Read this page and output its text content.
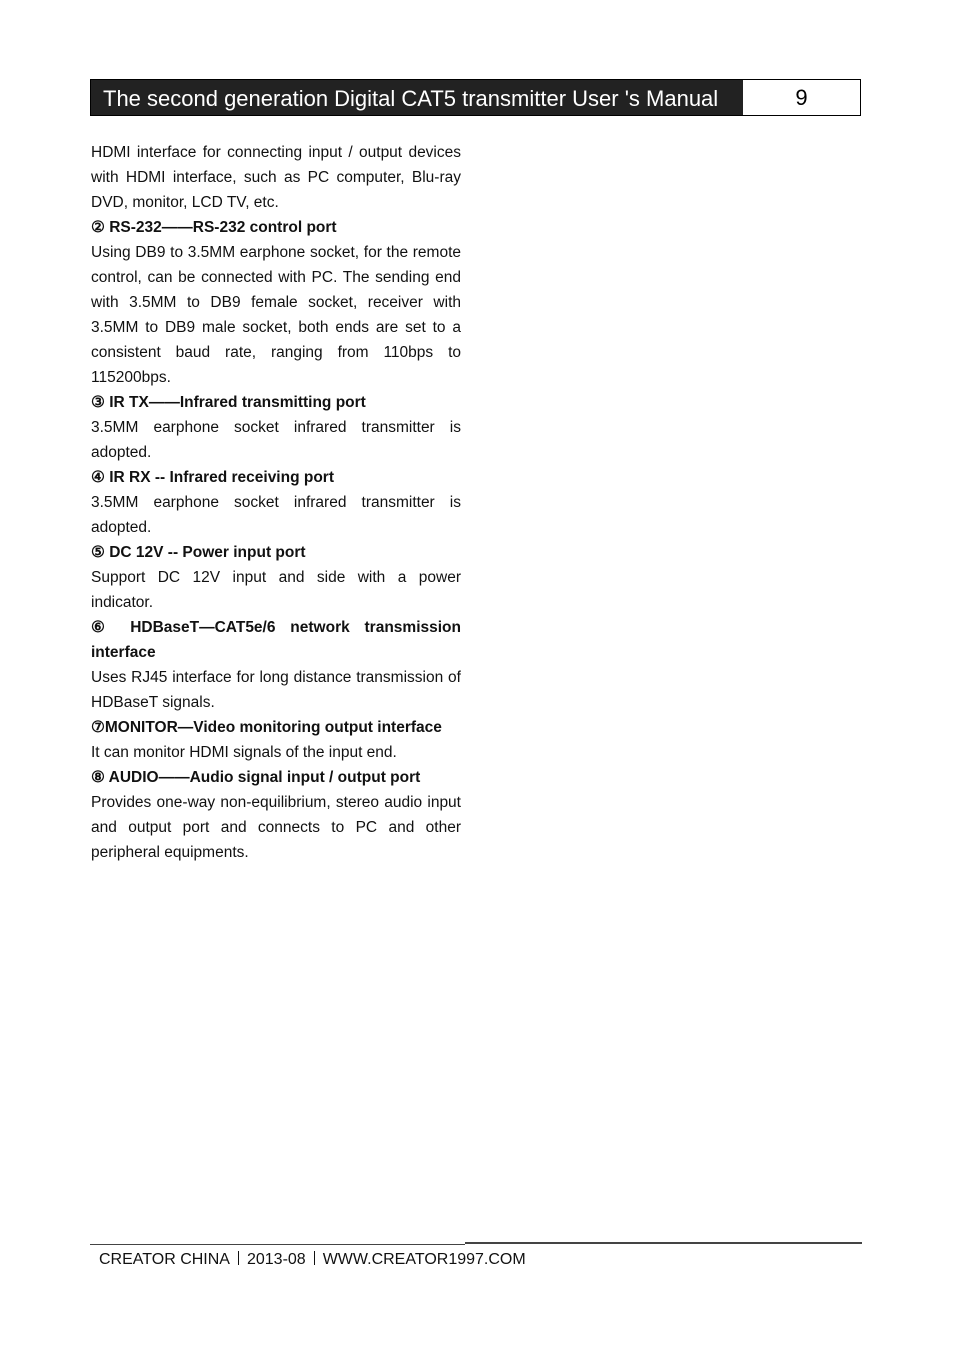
The second generation Digital CAT5 transmitter User 's Manual	9

HDMI interface for connecting input / output devices with HDMI interface, such as PC computer, Blu-ray DVD, monitor, LCD TV, etc.

② RS-232——RS-232 control port

Using DB9 to 3.5MM earphone socket, for the remote control, can be connected with PC. The sending end with 3.5MM to DB9 female socket, receiver with 3.5MM to DB9 male socket, both ends are set to a consistent baud rate, ranging from 110bps to 115200bps.

③ IR TX——Infrared transmitting port

3.5MM earphone socket infrared transmitter is adopted.

④ IR RX -- Infrared receiving port

3.5MM earphone socket infrared transmitter is adopted.

⑤ DC 12V -- Power input port

Support DC 12V input and side with a power indicator.

⑥ HDBaseT—CAT5e/6 network transmission interface

Uses RJ45 interface for long distance transmission of HDBaseT signals.

⑦MONITOR—Video monitoring output interface

It can monitor HDMI signals of the input end.

⑧ AUDIO——Audio signal input / output port

Provides one-way non-equilibrium, stereo audio input and output port and connects to PC and other peripheral equipments.

CREATOR CHINA 2013-08 WWW.CREATOR1997.COM
